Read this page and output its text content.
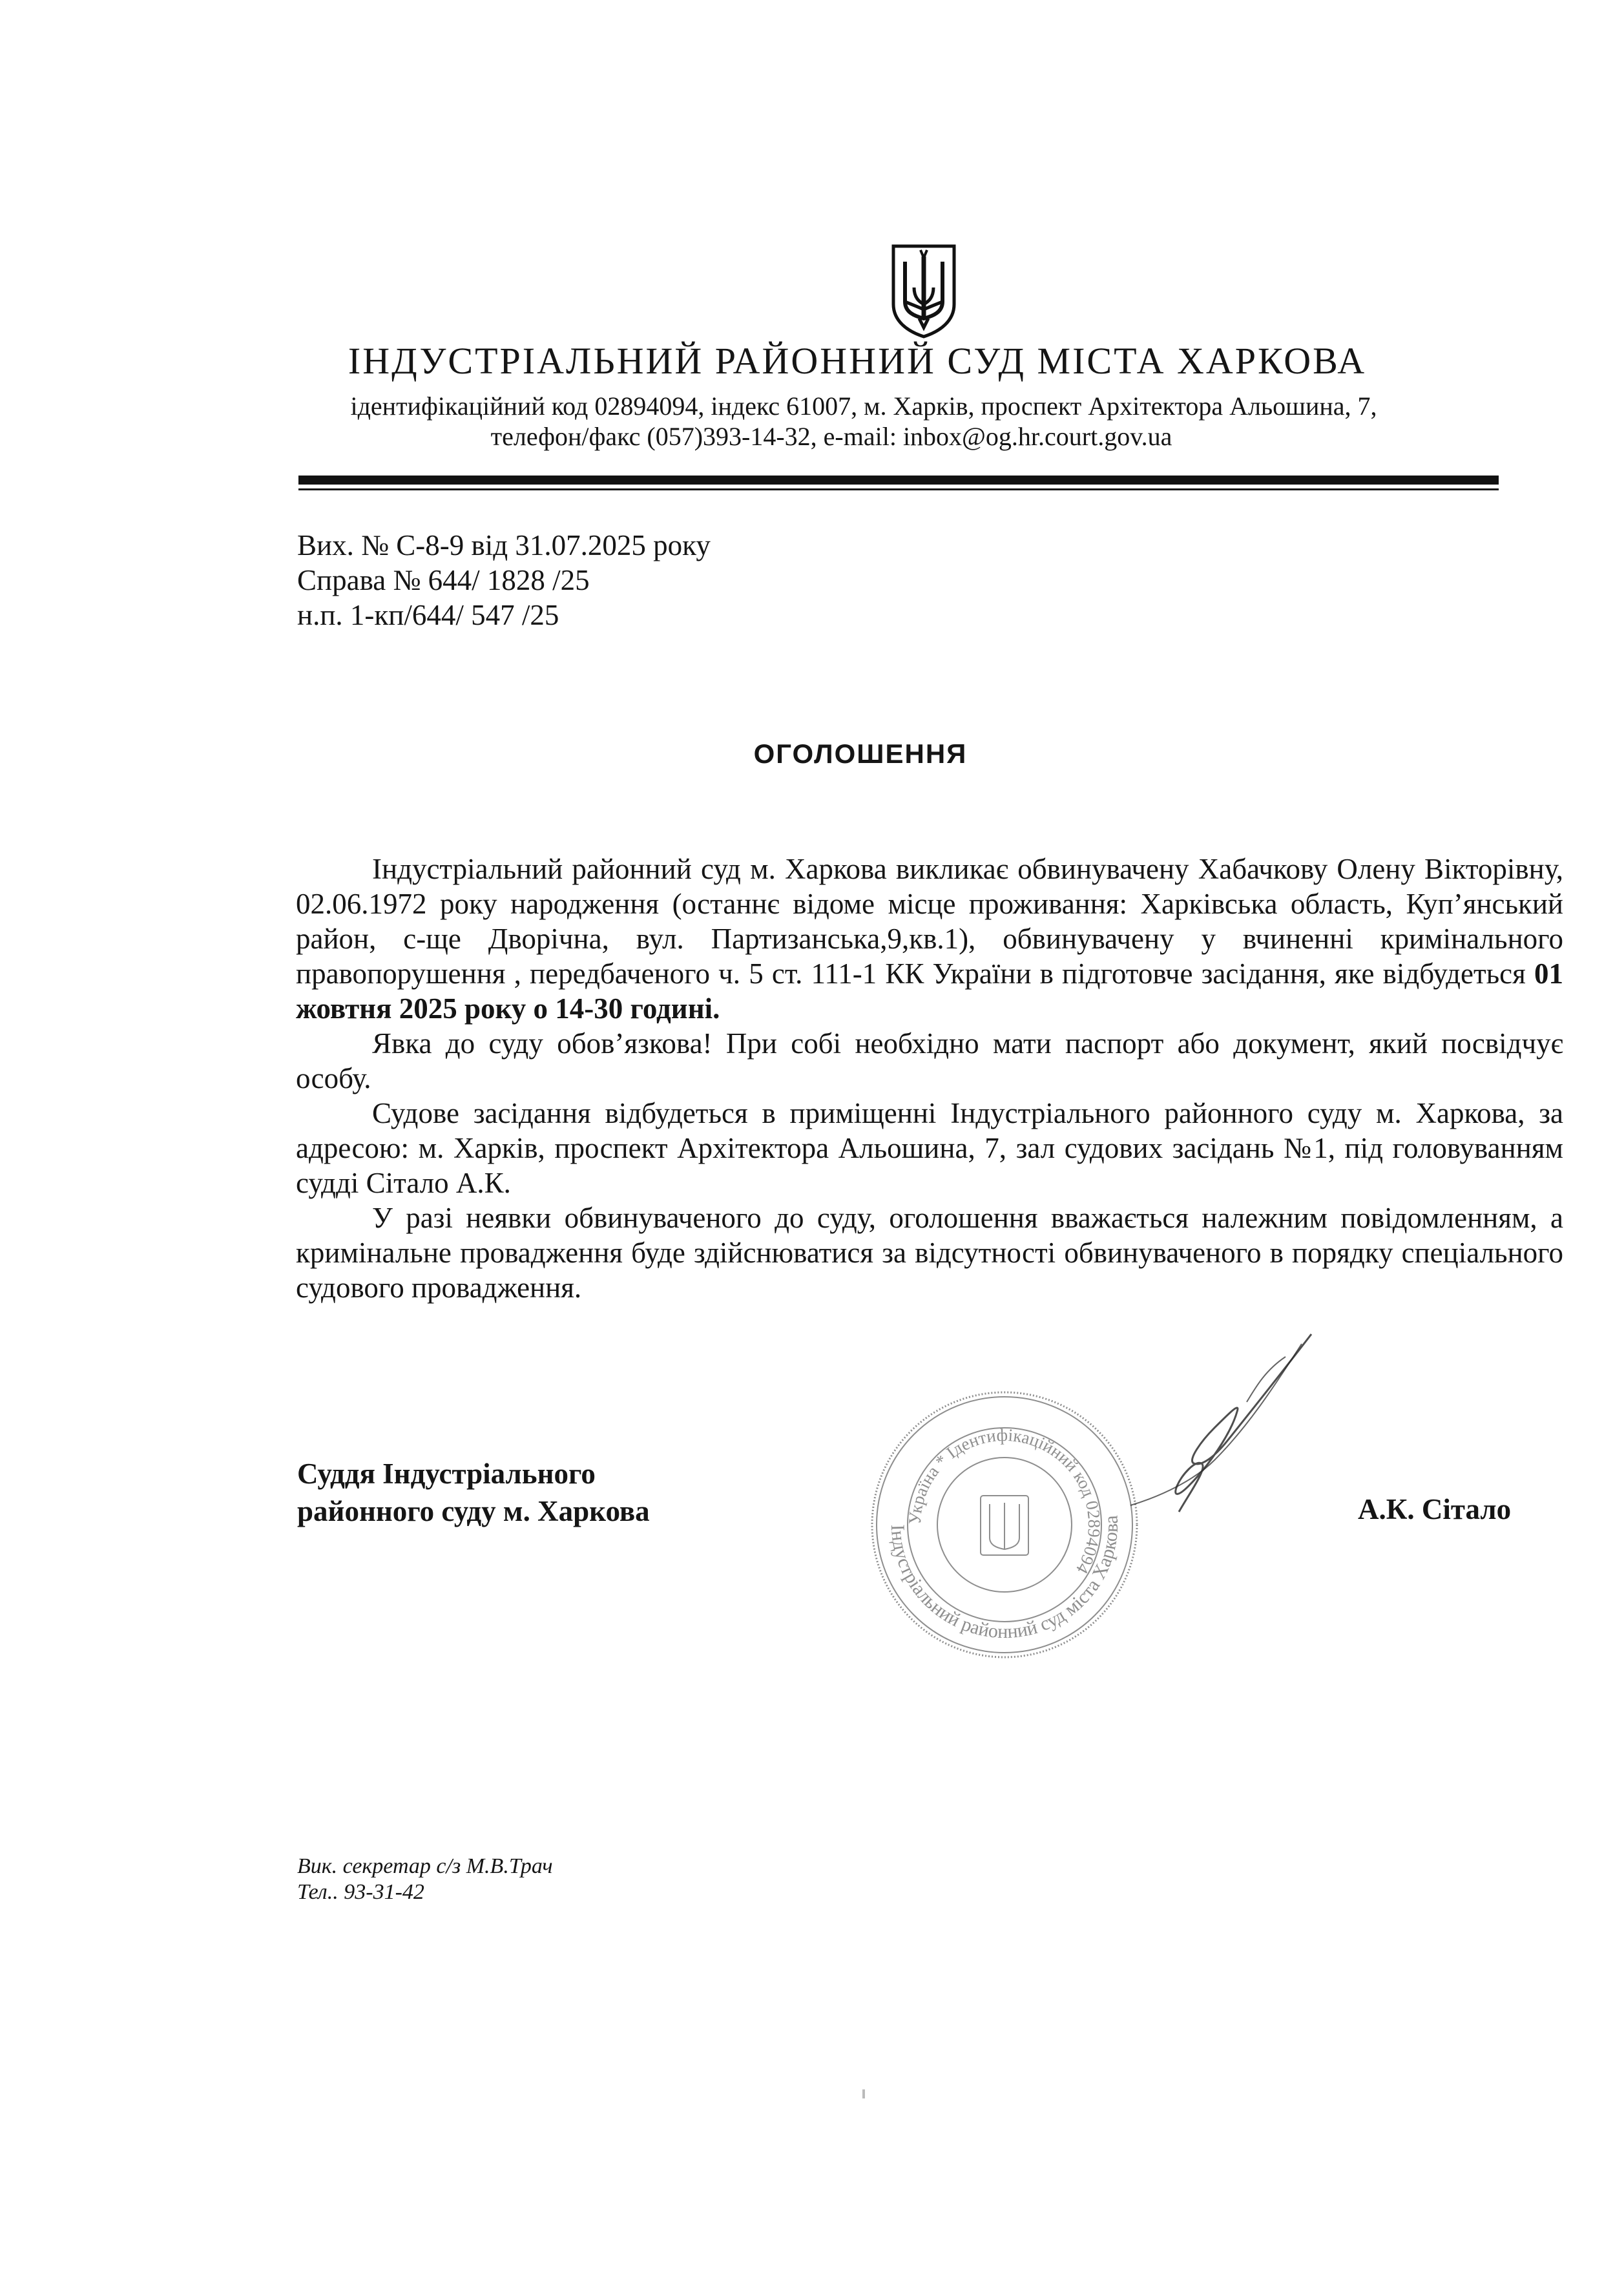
ІНДУСТРІАЛЬНИЙ РАЙОННИЙ СУД МІСТА ХАРКОВА
ідентифікаційний код 02894094, індекс 61007, м. Харків, проспект Архітектора Альошина, 7,
телефон/факс (057)393-14-32, e-mail: inbox@og.hr.court.gov.ua
Вих. № С-8-9 від 31.07.2025 року
Справа № 644/ 1828 /25
н.п. 1-кп/644/ 547 /25
ОГОЛОШЕННЯ

Індустріальний районний суд м. Харкова викликає обвинувачену Хабачкову Олену Вікторівну, 02.06.1972 року народження (останнє відоме місце проживання: Харківська область, Куп’янський район, с-ще Дворічна, вул. Партизанська,9,кв.1), обвинувачену у вчиненні кримінального правопорушення , передбаченого ч. 5 ст. 111-1 КК України в підготовче засідання, яке відбудеться 01 жовтня 2025 року о 14-30 годині.

Явка до суду обов’язкова! При собі необхідно мати паспорт або документ, який посвідчує особу.

Судове засідання відбудеться в приміщенні Індустріального районного суду м. Харкова, за адресою: м. Харків, проспект Архітектора Альошина, 7, зал судових засідань №1, під головуванням судді Сітало А.К.

У разі неявки обвинуваченого до суду, оголошення вважається належним повідомленням, а кримінальне провадження буде здійснюватися за відсутності обвинуваченого в порядку спеціального судового провадження.

Суддя Індустріального
районного суду м. Харкова
Індустріальний районний суд міста Харкова
Україна * Ідентифікаційний код 02894094
А.К. Сітало
Вик. секретар с/з М.В.Трач
Тел.. 93-31-42
